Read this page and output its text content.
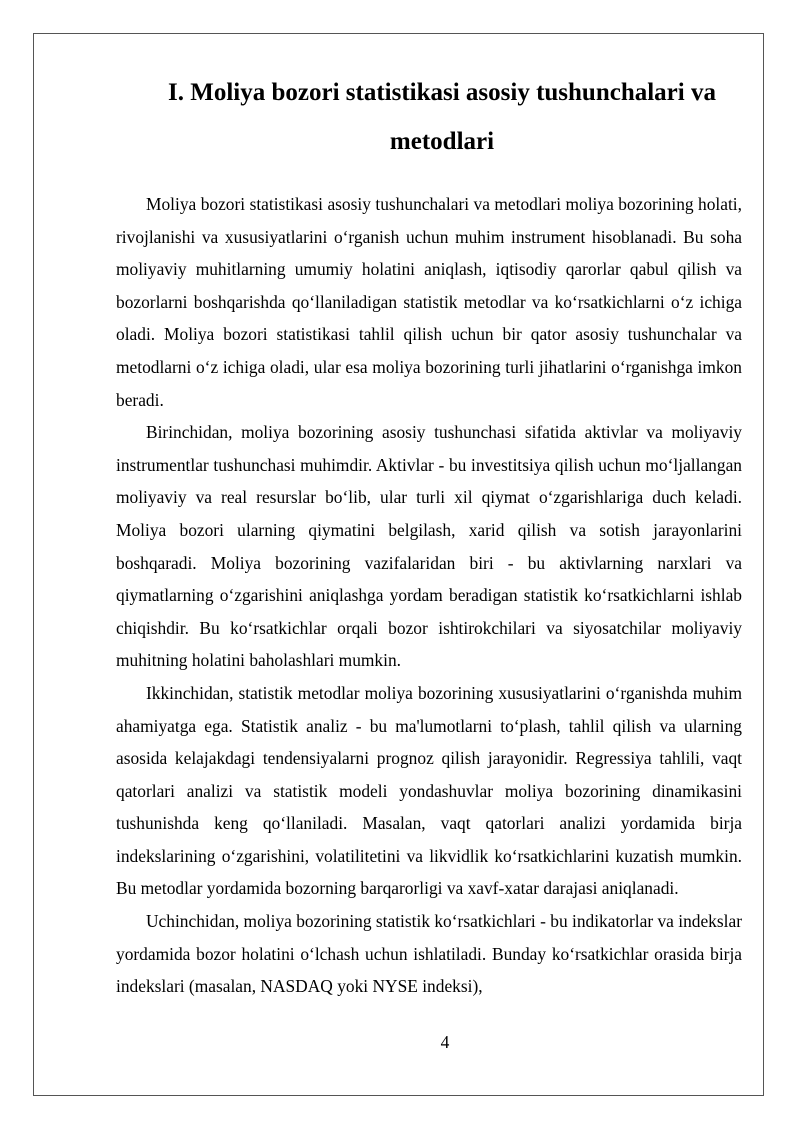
I. Moliya bozori statistikasi asosiy tushunchalari va metodlari

Moliya bozori statistikasi asosiy tushunchalari va metodlari moliya bozorining holati, rivojlanishi va xususiyatlarini oʻrganish uchun muhim instrument hisoblanadi. Bu soha moliyaviy muhitlarning umumiy holatini aniqlash, iqtisodiy qarorlar qabul qilish va bozorlarni boshqarishda qoʻllaniladigan statistik metodlar va koʻrsatkichlarni oʻz ichiga oladi. Moliya bozori statistikasi tahlil qilish uchun bir qator asosiy tushunchalar va metodlarni oʻz ichiga oladi, ular esa moliya bozorining turli jihatlarini oʻrganishga imkon beradi.

Birinchidan, moliya bozorining asosiy tushunchasi sifatida aktivlar va moliyaviy instrumentlar tushunchasi muhimdir. Aktivlar - bu investitsiya qilish uchun moʻljallangan moliyaviy va real resurslar boʻlib, ular turli xil qiymat oʻzgarishlariga duch keladi. Moliya bozori ularning qiymatini belgilash, xarid qilish va sotish jarayonlarini boshqaradi. Moliya bozorining vazifalaridan biri - bu aktivlarning narxlari va qiymatlarning oʻzgarishini aniqlashga yordam beradigan statistik koʻrsatkichlarni ishlab chiqishdir. Bu koʻrsatkichlar orqali bozor ishtirokchilari va siyosatchilar moliyaviy muhitning holatini baholashlari mumkin.

Ikkinchidan, statistik metodlar moliya bozorining xususiyatlarini oʻrganishda muhim ahamiyatga ega. Statistik analiz - bu ma'lumotlarni toʻplash, tahlil qilish va ularning asosida kelajakdagi tendensiyalarni prognoz qilish jarayonidir. Regressiya tahlili, vaqt qatorlari analizi va statistik modeli yondashuvlar moliya bozorining dinamikasini tushunishda keng qoʻllaniladi. Masalan, vaqt qatorlari analizi yordamida birja indekslarining oʻzgarishini, volatilitetini va likvidlik koʻrsatkichlarini kuzatish mumkin. Bu metodlar yordamida bozorning barqarorligi va xavf-xatar darajasi aniqlanadi.

Uchinchidan, moliya bozorining statistik koʻrsatkichlari - bu indikatorlar va indekslar yordamida bozor holatini oʻlchash uchun ishlatiladi. Bunday koʻrsatkichlar orasida birja indekslari (masalan, NASDAQ yoki NYSE indeksi),

4
